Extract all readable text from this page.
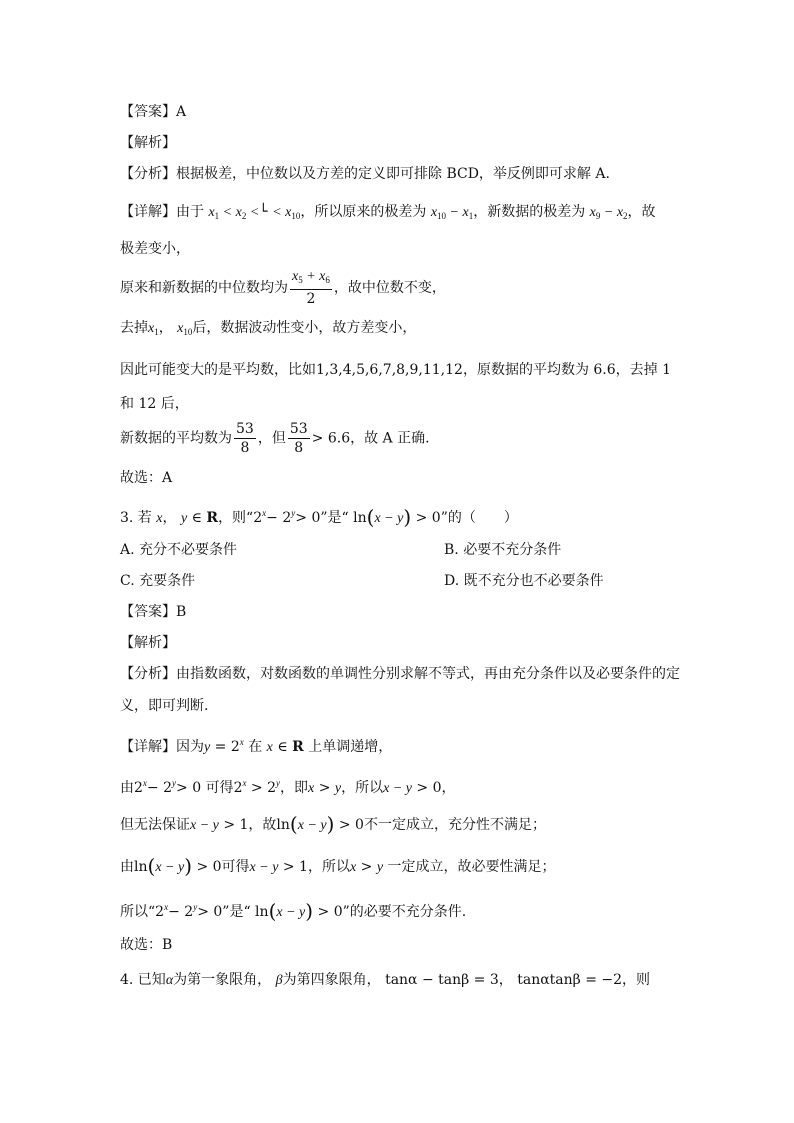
【答案】A
【解析】
【分析】根据极差，中位数以及方差的定义即可排除 BCD，举反例即可求解 A.
【详解】由于 $x_1 < x_2$ <└ < $x_{10}$，所以原来的极差为 $x_{10} - x_1$，新数据的极差为 $x_9 - x_2$，故
极差变小，
原来和新数据的中位数均为 $\frac{x_5 + x_6}{2}$ ，故中位数不变，
去掉$x_1$， $x_{10}$后，数据波动性变小，故方差变小，
因此可能变大的是平均数，比如1,3,4,5,6,7,8,9,11,12，原数据的平均数为 6.6，去掉 1
和 12 后，
新数据的平均数为 $\frac{53}{8}$ ，但 $\frac{53}{8} > 6.6$，故 A 正确.
故选：A
3. 若 x， y ∈ R，则“$2^x- 2^y> 0$”是“ ln(x − y) > 0”的（　　）
A. 充分不必要条件	B. 必要不充分条件
C. 充要条件	D. 既不充分也不必要条件
【答案】B
【解析】
【分析】由指数函数，对数函数的单调性分别求解不等式，再由充分条件以及必要条件的定
义，即可判断.
【详解】因为$y = 2^x$ 在 x ∈ R 上单调递增，
由$2^x- 2^y> 0$ 可得$2^x > 2^y$，即x > y，所以x − y > 0，
但无法保证x − y > 1，故ln(x − y) > 0不一定成立，充分性不满足；
由ln(x − y) > 0可得x − y > 1，所以x > y 一定成立，故必要性满足；
所以“$2^x- 2^y> 0$”是“ ln(x − y) > 0”的必要不充分条件.
故选：B
4. 已知α为第一象限角， β为第四象限角， tanα − tanβ = 3， tanαtanβ = −2，则
